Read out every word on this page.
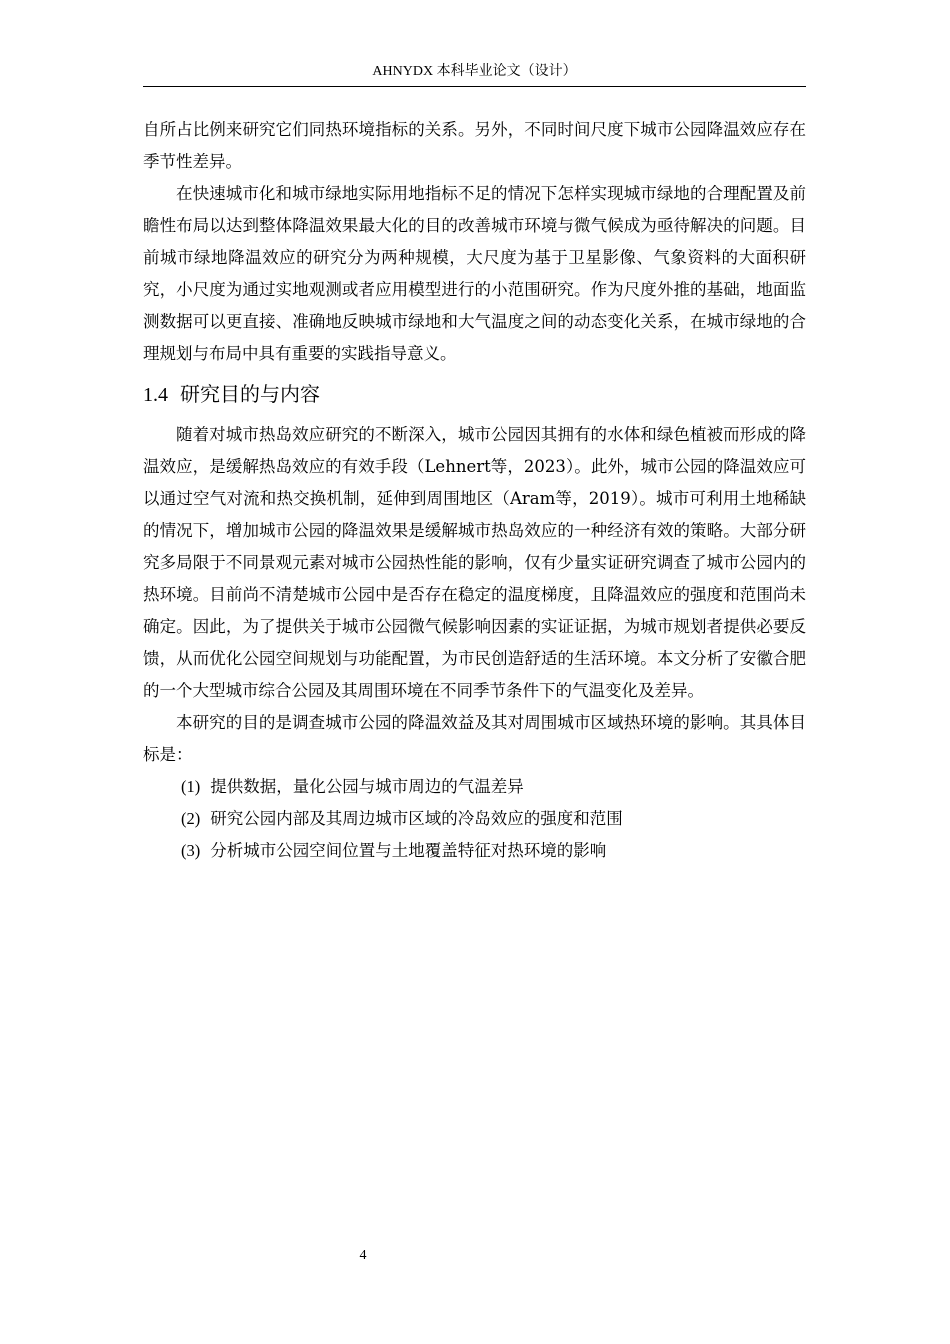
AHNYDX 本科毕业论文（设计）

自所占比例来研究它们同热环境指标的关系。另外，不同时间尺度下城市公园降温效应存在季节性差异。

在快速城市化和城市绿地实际用地指标不足的情况下怎样实现城市绿地的合理配置及前瞻性布局以达到整体降温效果最大化的目的改善城市环境与微气候成为亟待解决的问题。目前城市绿地降温效应的研究分为两种规模，大尺度为基于卫星影像、气象资料的大面积研究，小尺度为通过实地观测或者应用模型进行的小范围研究。作为尺度外推的基础，地面监测数据可以更直接、准确地反映城市绿地和大气温度之间的动态变化关系，在城市绿地的合理规划与布局中具有重要的实践指导意义。

1.4 研究目的与内容

随着对城市热岛效应研究的不断深入，城市公园因其拥有的水体和绿色植被而形成的降温效应，是缓解热岛效应的有效手段（Lehnert等，2023）。此外，城市公园的降温效应可以通过空气对流和热交换机制，延伸到周围地区（Aram等，2019）。城市可利用土地稀缺的情况下，增加城市公园的降温效果是缓解城市热岛效应的一种经济有效的策略。大部分研究多局限于不同景观元素对城市公园热性能的影响，仅有少量实证研究调查了城市公园内的热环境。目前尚不清楚城市公园中是否存在稳定的温度梯度，且降温效应的强度和范围尚未确定。因此，为了提供关于城市公园微气候影响因素的实证证据，为城市规划者提供必要反馈，从而优化公园空间规划与功能配置，为市民创造舒适的生活环境。本文分析了安徽合肥的一个大型城市综合公园及其周围环境在不同季节条件下的气温变化及差异。

本研究的目的是调查城市公园的降温效益及其对周围城市区域热环境的影响。其具体目标是：

(1) 提供数据，量化公园与城市周边的气温差异
(2) 研究公园内部及其周边城市区域的冷岛效应的强度和范围
(3) 分析城市公园空间位置与土地覆盖特征对热环境的影响
4
